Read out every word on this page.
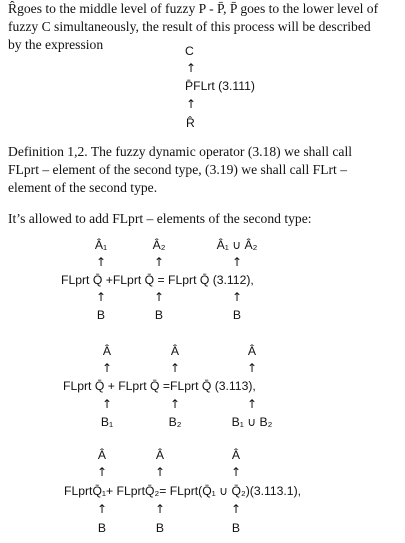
R̂goes to the middle level of fuzzy P - P̄, P̄ goes to the lower level of
fuzzy C simultaneously, the result of this process will be described
by the expression	C
↑
P̄FLrt (3.111)
↑
R̂
Definition 1,2. The fuzzy dynamic operator (3.18) we shall call
FLprt – element of the second type, (3.19) we shall call FLrt –
element of the second type.
It’s allowed to add FLprt – elements of the second type:
Â₁	Â₂	Â₁ ∪ Â₂
↑	↑	↑
FLprt Q̄ +FLprt Q̄ = FLprt Q̄ (3.112),
↑	↑	↑
B	B	B
Â	Â	Â
↑	↑	↑
FLprt Q̄ + FLprt Q̄ =FLprt Q̄ (3.113),
↑	↑	↑
B₁	B₂	B₁ ∪ B₂
Â	Â	Â
↑	↑	↑
FLprtQ̄₁+ FLprtQ̄₂= FLprt(Q̄₁ ∪ Q̄₂)(3.113.1),
↑	↑	↑
B	B	B
